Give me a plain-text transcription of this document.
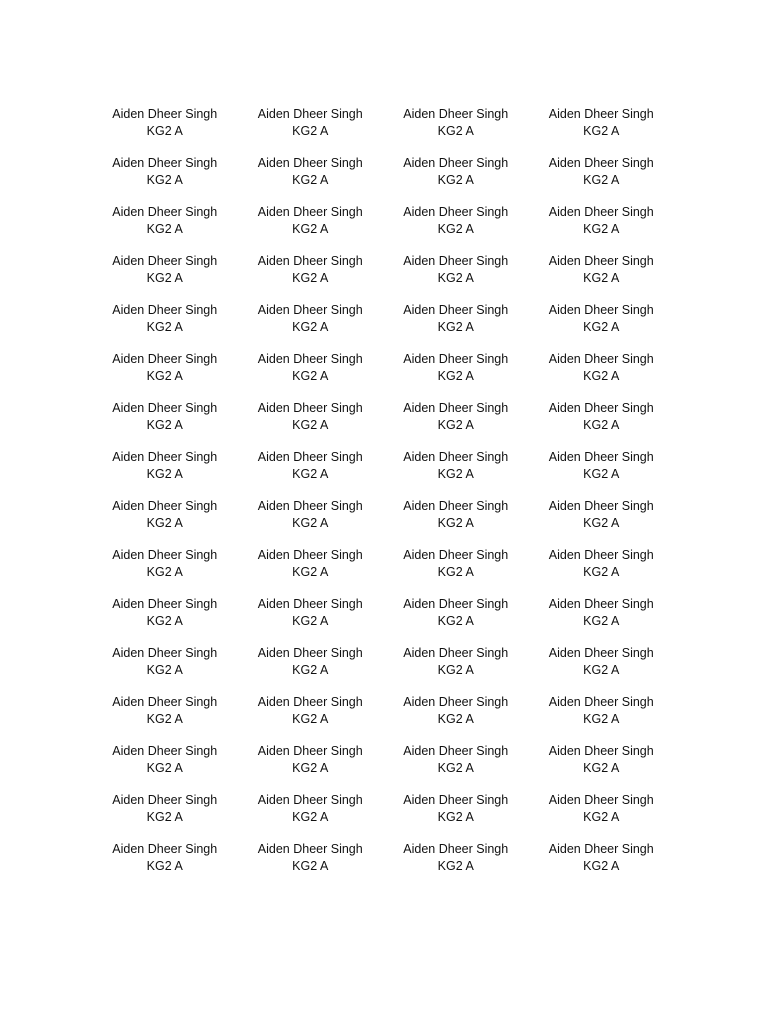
Aiden Dheer Singh
KG2 A
Aiden Dheer Singh
KG2 A
Aiden Dheer Singh
KG2 A
Aiden Dheer Singh
KG2 A
Aiden Dheer Singh
KG2 A
Aiden Dheer Singh
KG2 A
Aiden Dheer Singh
KG2 A
Aiden Dheer Singh
KG2 A
Aiden Dheer Singh
KG2 A
Aiden Dheer Singh
KG2 A
Aiden Dheer Singh
KG2 A
Aiden Dheer Singh
KG2 A
Aiden Dheer Singh
KG2 A
Aiden Dheer Singh
KG2 A
Aiden Dheer Singh
KG2 A
Aiden Dheer Singh
KG2 A
Aiden Dheer Singh
KG2 A
Aiden Dheer Singh
KG2 A
Aiden Dheer Singh
KG2 A
Aiden Dheer Singh
KG2 A
Aiden Dheer Singh
KG2 A
Aiden Dheer Singh
KG2 A
Aiden Dheer Singh
KG2 A
Aiden Dheer Singh
KG2 A
Aiden Dheer Singh
KG2 A
Aiden Dheer Singh
KG2 A
Aiden Dheer Singh
KG2 A
Aiden Dheer Singh
KG2 A
Aiden Dheer Singh
KG2 A
Aiden Dheer Singh
KG2 A
Aiden Dheer Singh
KG2 A
Aiden Dheer Singh
KG2 A
Aiden Dheer Singh
KG2 A
Aiden Dheer Singh
KG2 A
Aiden Dheer Singh
KG2 A
Aiden Dheer Singh
KG2 A
Aiden Dheer Singh
KG2 A
Aiden Dheer Singh
KG2 A
Aiden Dheer Singh
KG2 A
Aiden Dheer Singh
KG2 A
Aiden Dheer Singh
KG2 A
Aiden Dheer Singh
KG2 A
Aiden Dheer Singh
KG2 A
Aiden Dheer Singh
KG2 A
Aiden Dheer Singh
KG2 A
Aiden Dheer Singh
KG2 A
Aiden Dheer Singh
KG2 A
Aiden Dheer Singh
KG2 A
Aiden Dheer Singh
KG2 A
Aiden Dheer Singh
KG2 A
Aiden Dheer Singh
KG2 A
Aiden Dheer Singh
KG2 A
Aiden Dheer Singh
KG2 A
Aiden Dheer Singh
KG2 A
Aiden Dheer Singh
KG2 A
Aiden Dheer Singh
KG2 A
Aiden Dheer Singh
KG2 A
Aiden Dheer Singh
KG2 A
Aiden Dheer Singh
KG2 A
Aiden Dheer Singh
KG2 A
Aiden Dheer Singh
KG2 A
Aiden Dheer Singh
KG2 A
Aiden Dheer Singh
KG2 A
Aiden Dheer Singh
KG2 A
